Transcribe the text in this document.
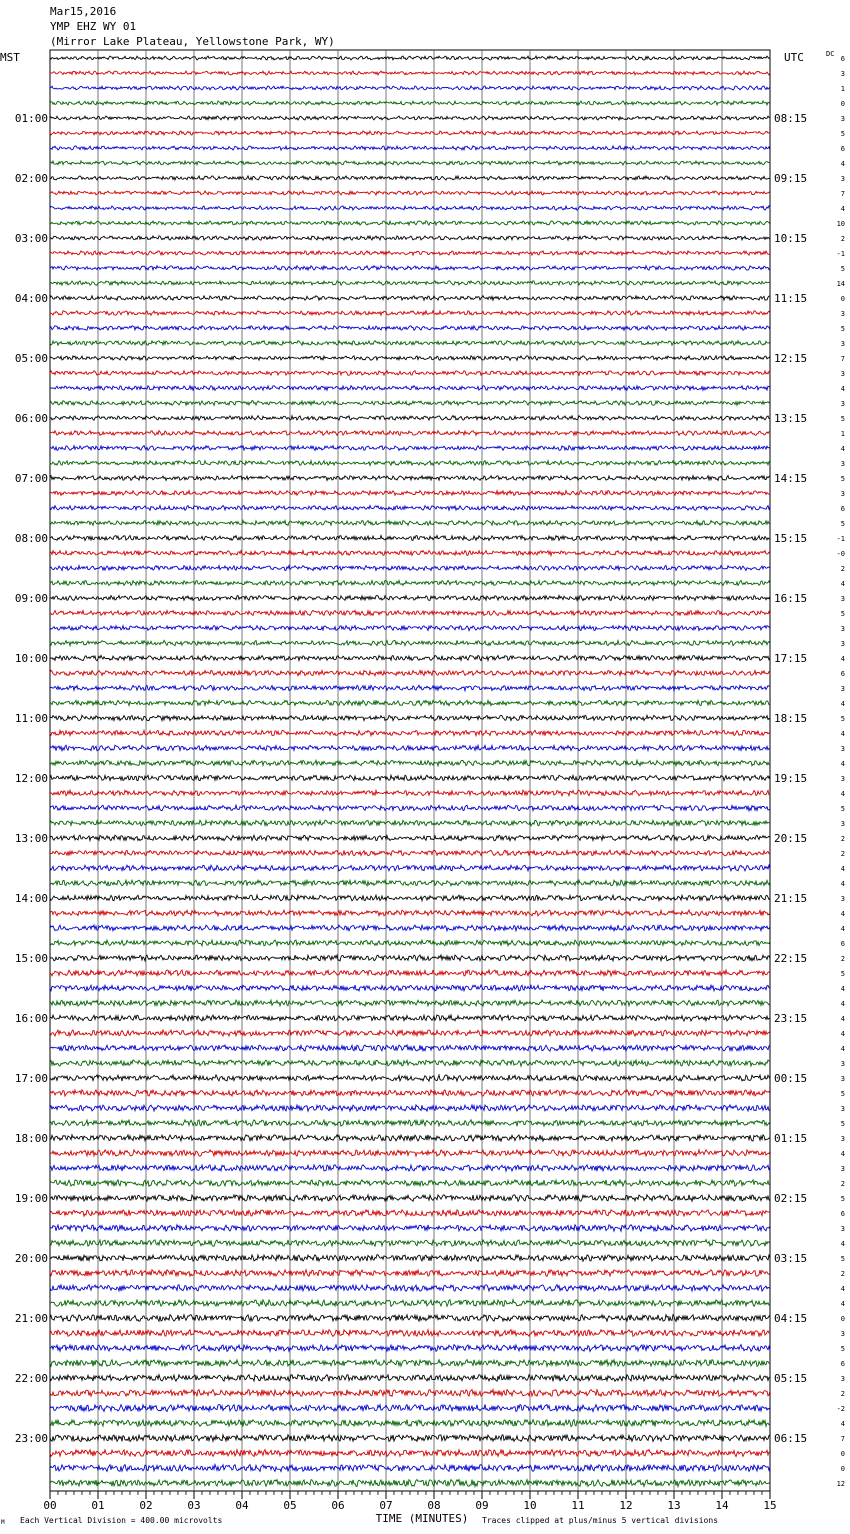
Mar15,2016
YMP EHZ WY 01
(Mirror Lake Plateau, Yellowstone Park, WY)
MST	UTC	DC
6
3
1
0
01:00	08:15	3
5
6
4
02:00	09:15	3
7
4
10
03:00	10:15	2
-1
5
14
04:00	11:15	0
3
5
3
05:00	12:15	7
3
4
3
06:00	13:15	5
1
4
3
07:00	14:15	5
3
6
5
08:00	15:15	-1
-0
2
4
09:00	16:15	3
5
3
3
10:00	17:15	4
6
3
4
11:00	18:15	5
4
3
4
12:00	19:15	3
4
5
3
13:00	20:15	2
2
4
4
14:00	21:15	3
4
4
6
15:00	22:15	2
5
4
4
16:00	23:15	4
4
4
3
17:00	00:15	3
5
3
5
18:00	01:15	3
4
3
2
19:00	02:15	5
6
3
4
20:00	03:15	5
2
4
4
21:00	04:15	0
3
5
6
22:00	05:15	3
2
-2
4
23:00	06:15	7
0
0
12
00	01	02	03	04	05	06	07	08	09	10	11	12	13	14	15
M Each Vertical Division = 400.00 microvolts	TIME (MINUTES) Traces clipped at plus/minus 5 vertical divisions
